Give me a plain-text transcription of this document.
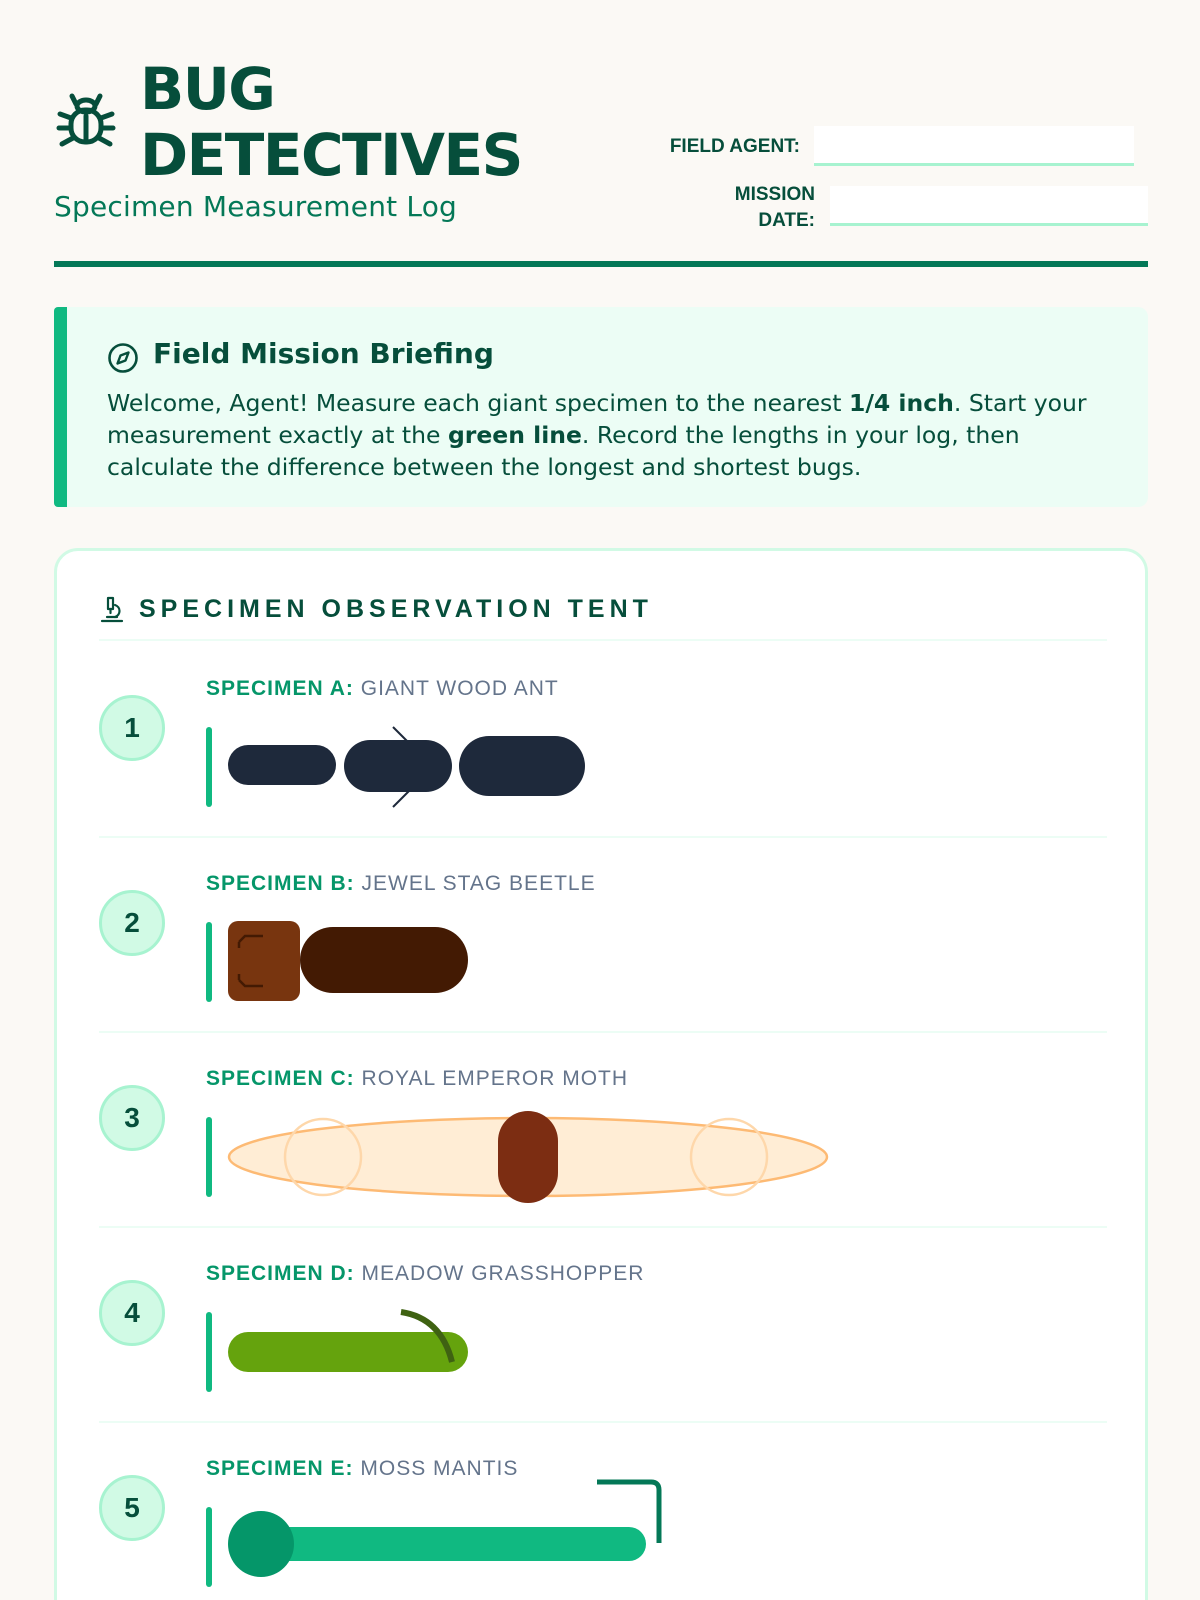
BUG
DETECTIVES
Specimen Measurement Log
FIELD AGENT:
MISSION
DATE:
Field Mission Briefing
Welcome, Agent! Measure each giant specimen to the nearest 1/4 inch. Start your measurement exactly at the green line. Record the lengths in your log, then calculate the difference between the longest and shortest bugs.
SPECIMEN OBSERVATION TENT
1
SPECIMEN A: GIANT WOOD ANT
2
SPECIMEN B: JEWEL STAG BEETLE
3
SPECIMEN C: ROYAL EMPEROR MOTH
4
SPECIMEN D: MEADOW GRASSHOPPER
5
SPECIMEN E: MOSS MANTIS
